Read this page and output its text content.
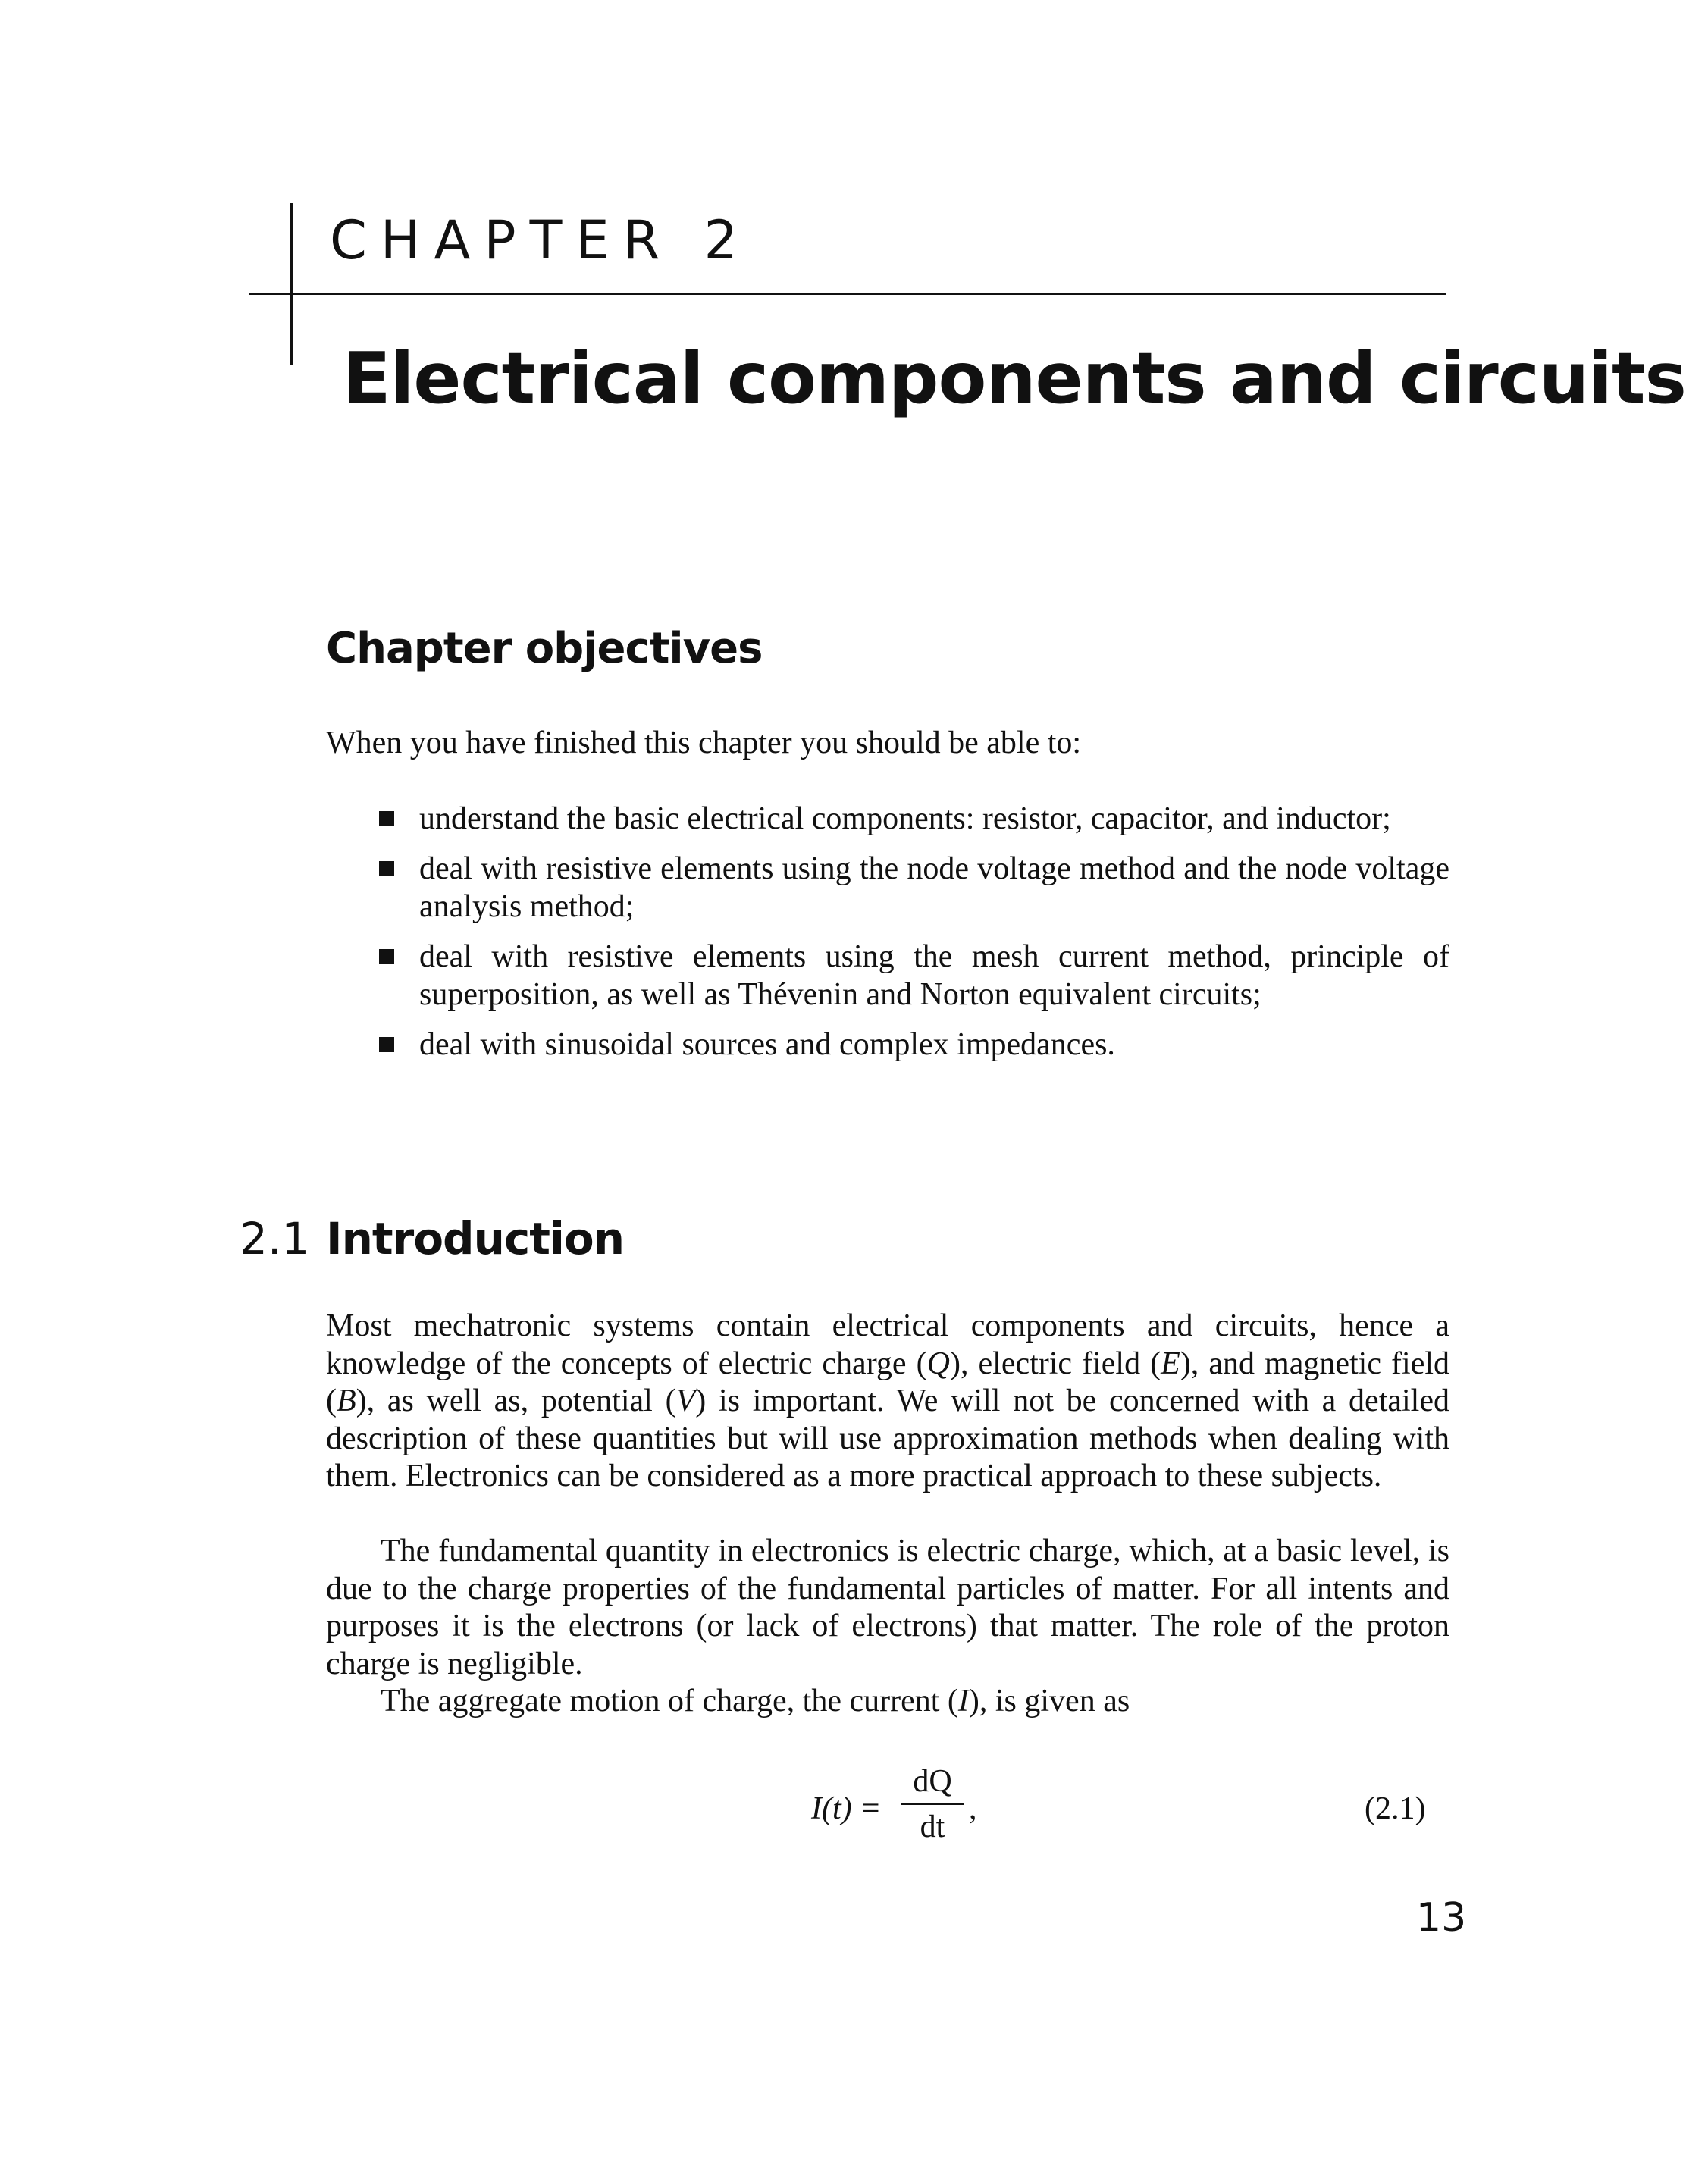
CHAPTER 2
Electrical components and circuits
Chapter objectives
When you have finished this chapter you should be able to:
understand the basic electrical components: resistor, capacitor, and inductor;
deal with resistive elements using the node voltage method and the node voltage analysis method;
deal with resistive elements using the mesh current method, principle of superposition, as well as Thévenin and Norton equivalent circuits;
deal with sinusoidal sources and complex impedances.
2.1 Introduction

Most mechatronic systems contain electrical components and circuits, hence a knowledge of the concepts of electric charge (Q), electric field (E), and magnetic field (B), as well as, potential (V) is important. We will not be concerned with a detailed description of these quantities but will use approximation methods when dealing with them. Electronics can be considered as a more practical approach to these subjects.

The fundamental quantity in electronics is electric charge, which, at a basic level, is due to the charge properties of the fundamental particles of matter. For all intents and purposes it is the electrons (or lack of electrons) that matter. The role of the proton charge is negligible.

The aggregate motion of charge, the current (I), is given as

I(t) =
dQ
dt
,	(2.1)
13
